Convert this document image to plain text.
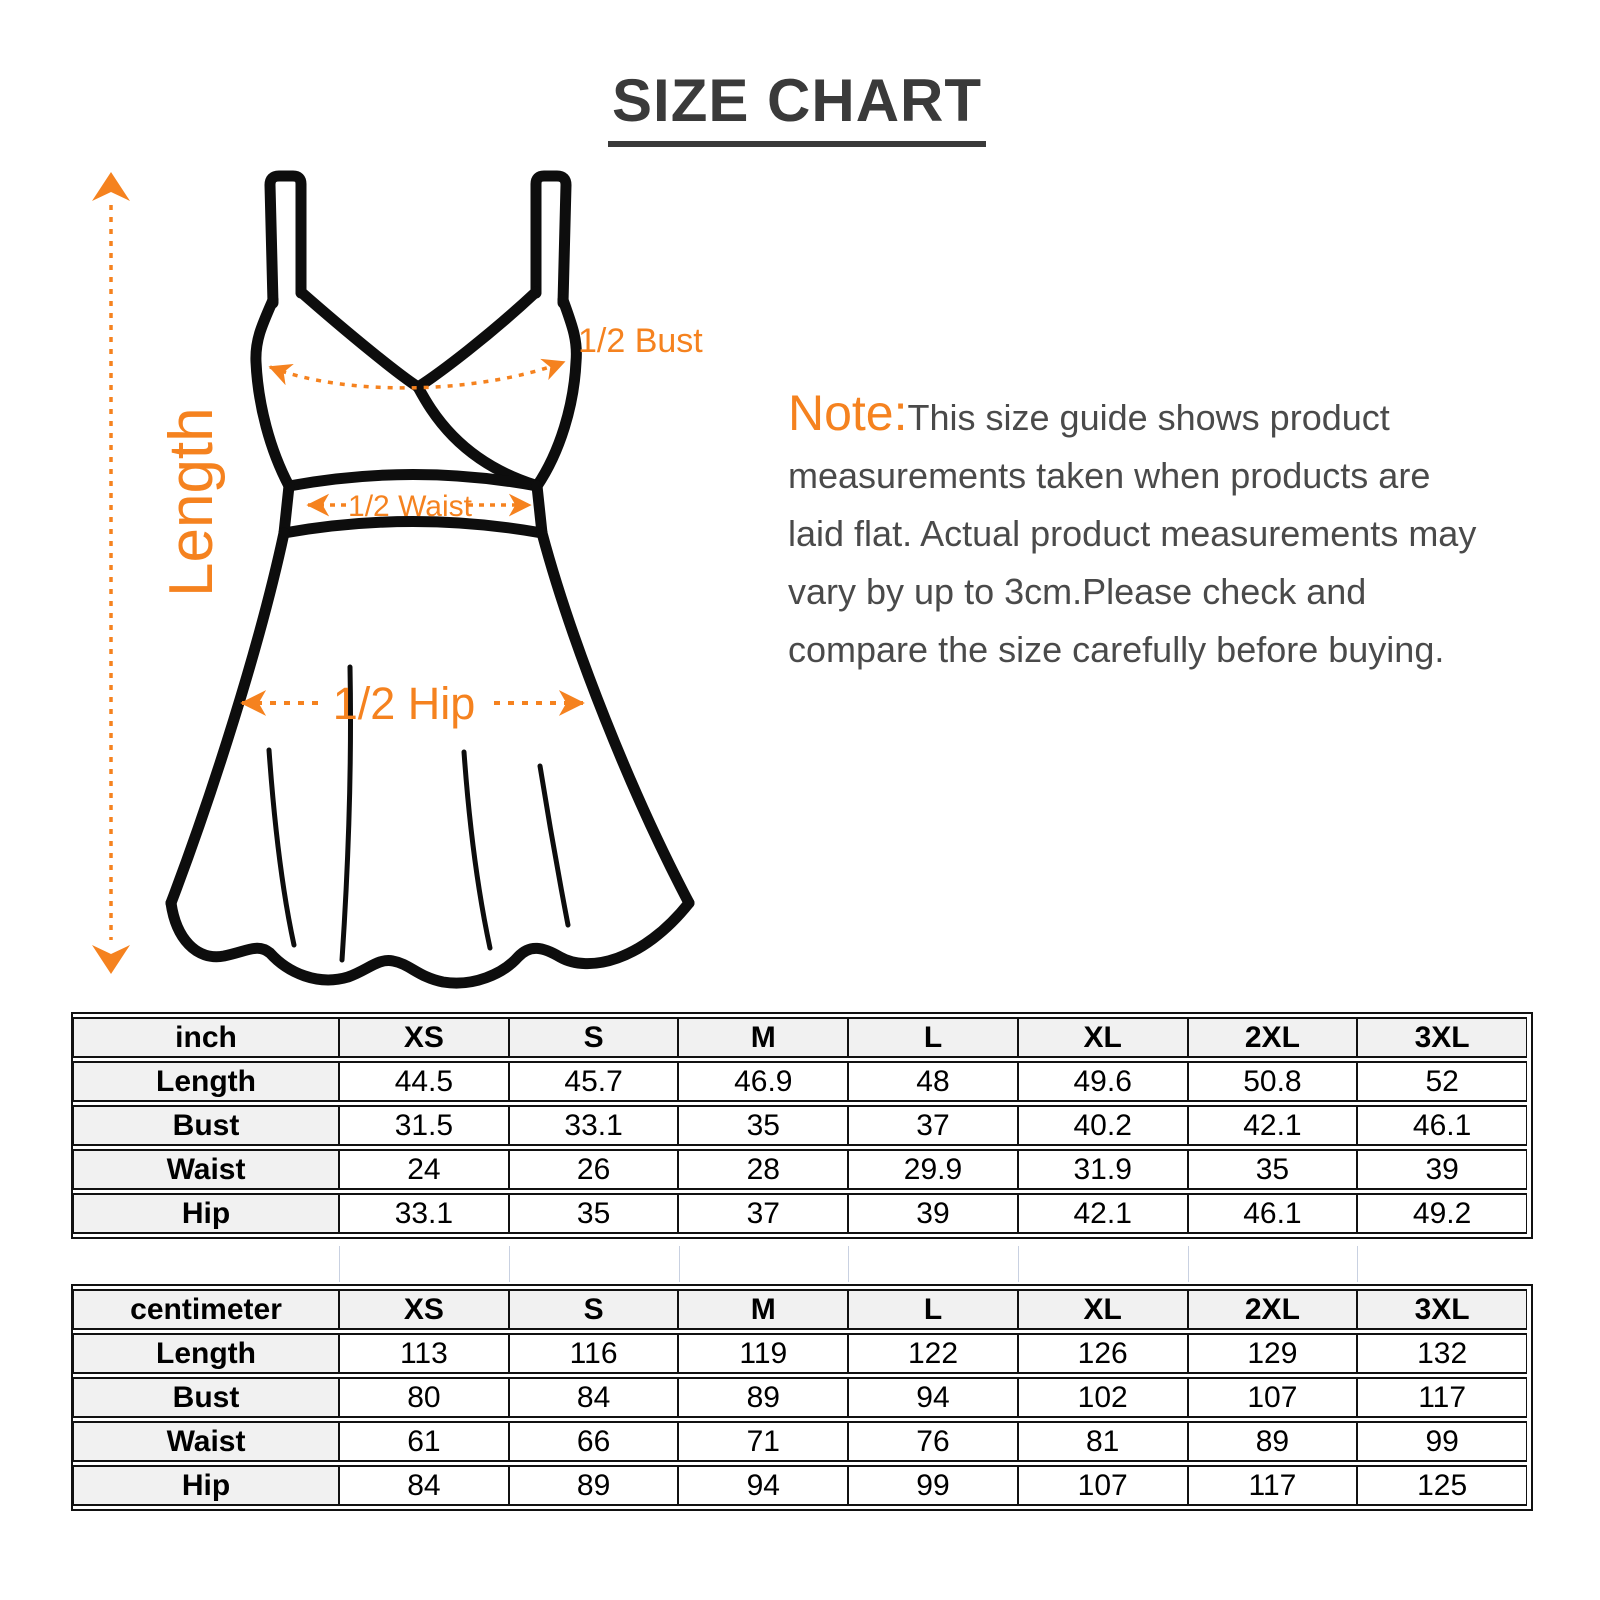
SIZE CHART
Length
1/2 Bust
1/2 Waist
1/2 Hip

Note:This size guide shows product measurements taken when products are laid flat. Actual product measurements may vary by up to 3cm.Please check and compare the size carefully before buying.

inch	XS	S	M	L	XL	2XL	3XL
Length	44.5	45.7	46.9	48	49.6	50.8	52
Bust	31.5	33.1	35	37	40.2	42.1	46.1
Waist	24	26	28	29.9	31.9	35	39
Hip	33.1	35	37	39	42.1	46.1	49.2
centimeter	XS	S	M	L	XL	2XL	3XL
Length	113	116	119	122	126	129	132
Bust	80	84	89	94	102	107	117
Waist	61	66	71	76	81	89	99
Hip	84	89	94	99	107	117	125
